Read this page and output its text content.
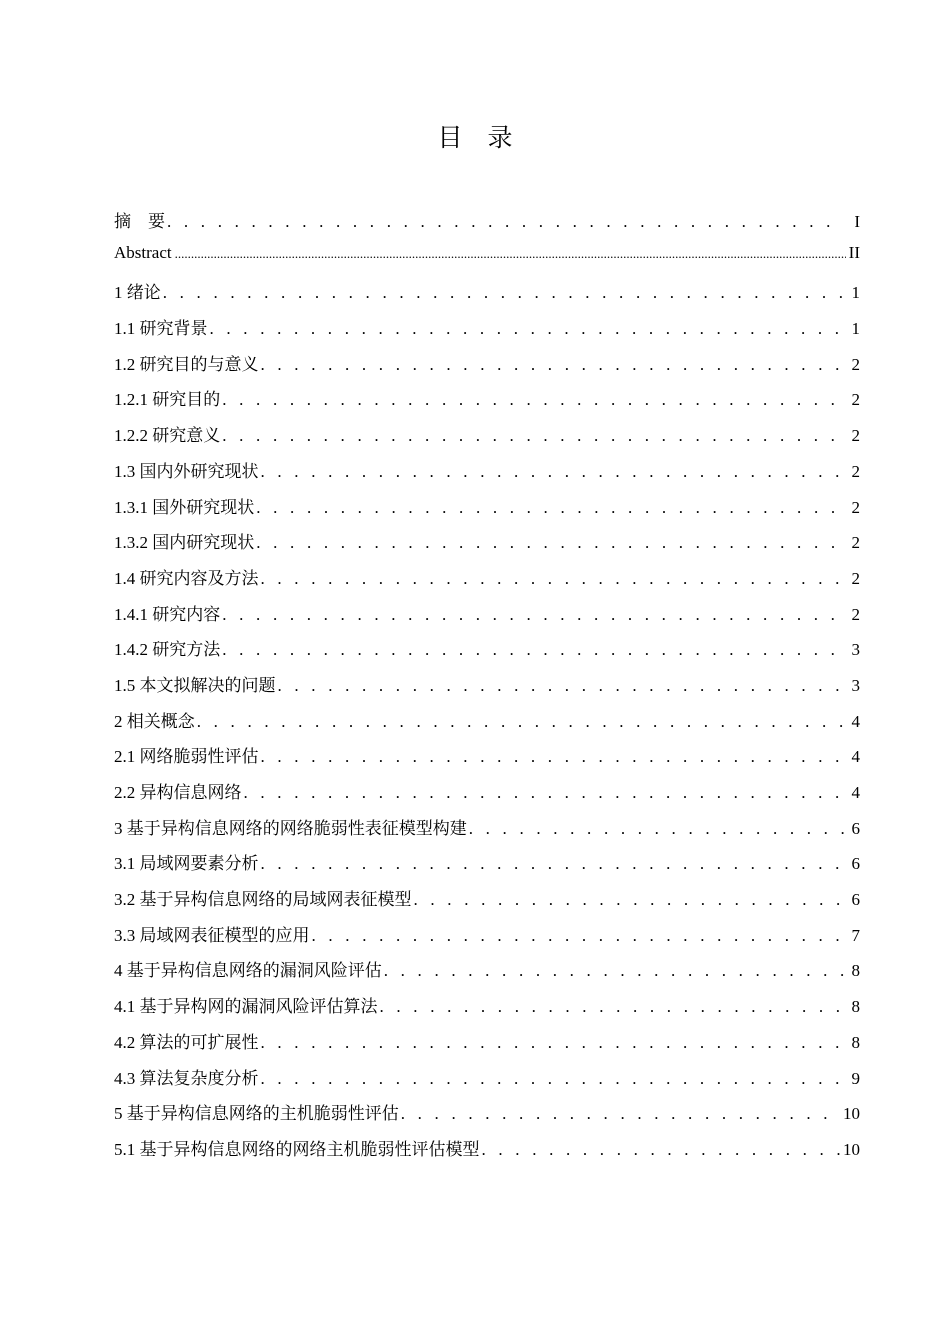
目　录
摘　要 . . .	I
Abstract .....	II
1 绪论 . . .	1
1.1 研究背景 . . .	1
1.2 研究目的与意义 . . .	2
1.2.1 研究目的 . . .	2
1.2.2 研究意义 . . .	2
1.3 国内外研究现状 . . .	2
1.3.1 国外研究现状 . . .	2
1.3.2 国内研究现状 . . .	2
1.4 研究内容及方法 . . .	2
1.4.1 研究内容 . . .	2
1.4.2 研究方法 . . .	3
1.5 本文拟解决的问题 . . .	3
2 相关概念 . . .	4
2.1 网络脆弱性评估 . . .	4
2.2 异构信息网络 . . .	4
3 基于异构信息网络的网络脆弱性表征模型构建 . . .	6
3.1 局域网要素分析 . . .	6
3.2 基于异构信息网络的局域网表征模型 . . .	6
3.3 局域网表征模型的应用 . . .	7
4 基于异构信息网络的漏洞风险评估 . . .	8
4.1 基于异构网的漏洞风险评估算法 . . .	8
4.2 算法的可扩展性 . . .	8
4.3 算法复杂度分析 . . .	9
5 基于异构信息网络的主机脆弱性评估 . . .	10
5.1 基于异构信息网络的网络主机脆弱性评估模型 . . .	10
